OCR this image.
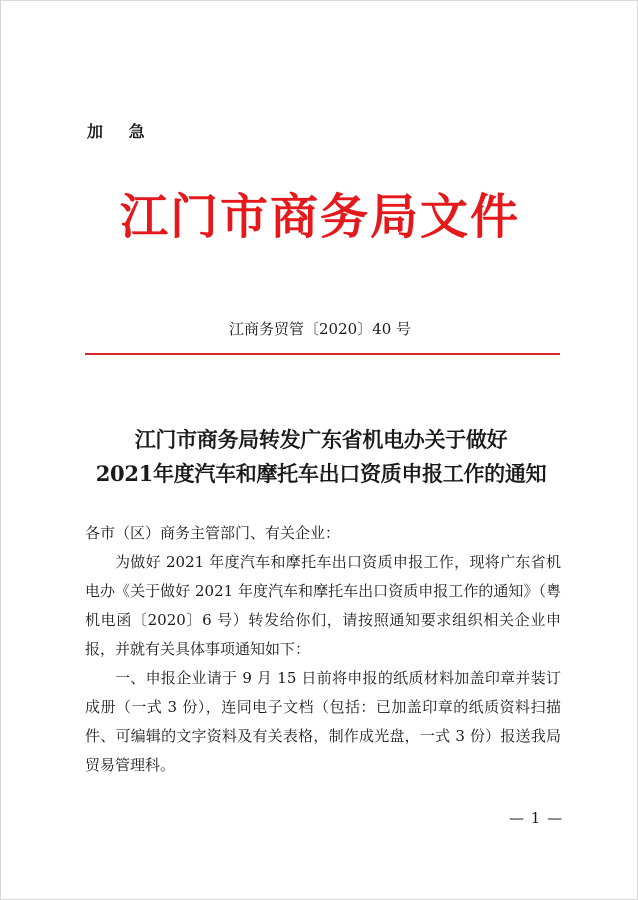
加 急
江门市商务局文件
江商务贸管〔2020〕40 号
江门市商务局转发广东省机电办关于做好
2021年度汽车和摩托车出口资质申报工作的通知

各市（区）商务主管部门、有关企业：

为做好 2021 年度汽车和摩托车出口资质申报工作，现将广东省机电办《关于做好 2021 年度汽车和摩托车出口资质申报工作的通知》（粤机电函〔2020〕6 号）转发给你们，请按照通知要求组织相关企业申报，并就有关具体事项通知如下：

一、申报企业请于 9 月 15 日前将申报的纸质材料加盖印章并装订成册（一式 3 份），连同电子文档（包括：已加盖印章的纸质资料扫描件、可编辑的文字资料及有关表格，制作成光盘，一式 3 份）报送我局贸易管理科。

— 1 —
